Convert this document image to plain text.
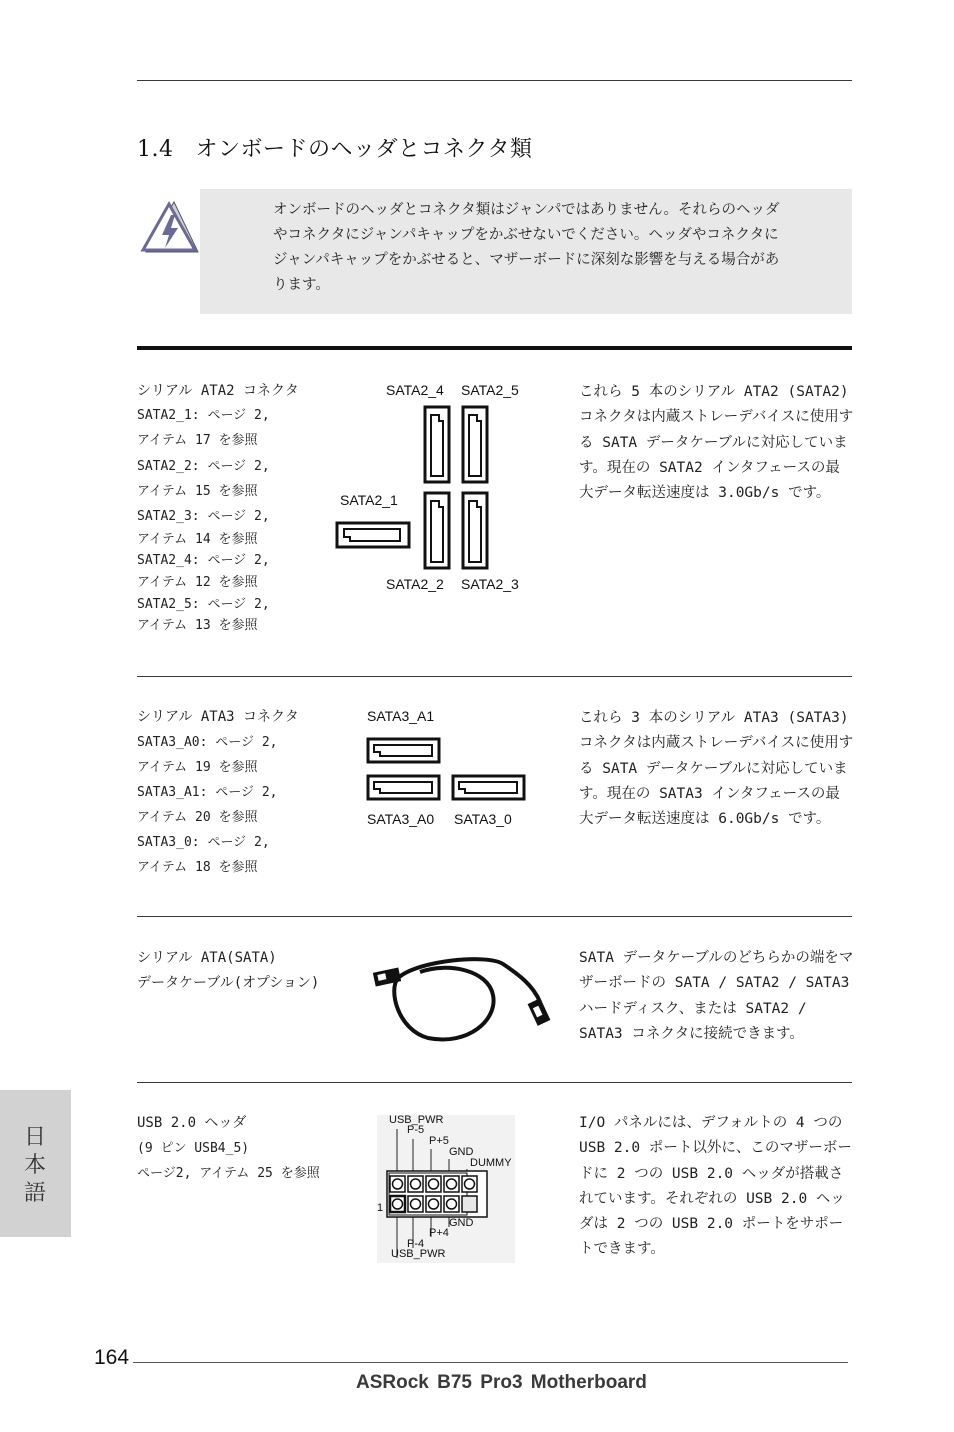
1.4 オンボードのヘッダとコネクタ類
オンボードのヘッダとコネクタ類はジャンパではありません。それらのヘッダやコネクタにジャンパキャップをかぶせないでください。ヘッダやコネクタにジャンパキャップをかぶせると、マザーボードに深刻な影響を与える場合があります。
シリアル ATA2 コネクタ
SATA2_1: ページ 2,
アイテム 17 を参照
SATA2_2: ページ 2,
アイテム 15 を参照
SATA2_3: ページ 2,
アイテム 14 を参照
SATA2_4: ページ 2,
アイテム 12 を参照
SATA2_5: ページ 2,
アイテム 13 を参照
SATA2_4 SATA2_5
SATA2_1
SATA2_2 SATA2_3
これら 5 本のシリアル ATA2 (SATA2) コネクタは内蔵ストレーデバイスに使用する SATA データケーブルに対応しています。現在の SATA2 インタフェースの最大データ転送速度は 3.0Gb/s です。
シリアル ATA3 コネクタ
SATA3_A0: ページ 2,
アイテム 19 を参照
SATA3_A1: ページ 2,
アイテム 20 を参照
SATA3_0: ページ 2,
アイテム 18 を参照
SATA3_A1
SATA3_A0 SATA3_0
これら 3 本のシリアル ATA3 (SATA3) コネクタは内蔵ストレーデバイスに使用する SATA データケーブルに対応しています。現在の SATA3 インタフェースの最大データ転送速度は 6.0Gb/s です。
シリアル ATA(SATA)
データケーブル(オプション)
SATA データケーブルのどちらかの端をマザーボードの SATA / SATA2 / SATA3 ハードディスク、または SATA2 / SATA3 コネクタに接続できます。
USB 2.0 ヘッダ
(9 ピン USB4_5)
ページ2, アイテム 25 を参照
USB_PWR
P-5
P+5
GND
DUMMY
1
GND
P+4
P-4
USB_PWR
I/O パネルには、デフォルトの 4 つの USB 2.0 ポート以外に、このマザーボードに 2 つの USB 2.0 ヘッダが搭載されています。それぞれの USB 2.0 ヘッダは 2 つの USB 2.0 ポートをサポートできます。
日本語
164
ASRock B75 Pro3 Motherboard
